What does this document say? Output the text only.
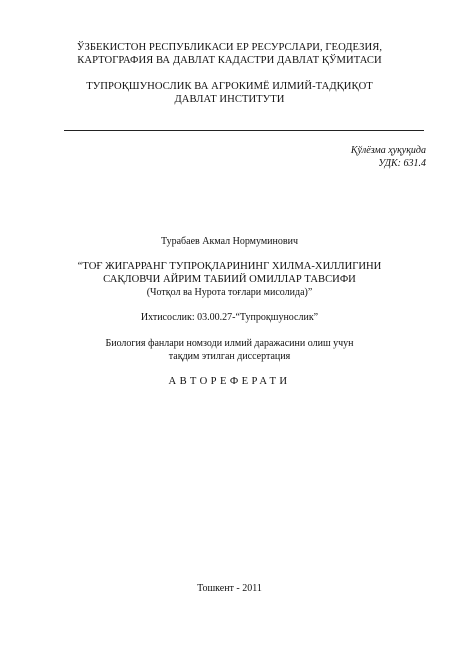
ЎЗБЕКИСТОН РЕСПУБЛИКАСИ ЕР РЕСУРСЛАРИ, ГЕОДЕЗИЯ,
КАРТОГРАФИЯ ВА ДАВЛАТ КАДАСТРИ ДАВЛАТ ҚЎМИТАСИ
ТУПРОҚШУНОСЛИК ВА АГРОКИМЁ ИЛМИЙ-ТАДҚИҚОТ
ДАВЛАТ ИНСТИТУТИ
Қўлёзма ҳуқуқида
УДК: 631.4
Турабаев Акмал Нормуминович
“ТОҒ ЖИГАРРАНГ ТУПРОҚЛАРИНИНГ ХИЛМА-ХИЛЛИГИНИ
САҚЛОВЧИ АЙРИМ ТАБИИЙ ОМИЛЛАР ТАВСИФИ
(Чотқол ва Нурота тоғлари мисолида)”
Ихтисослик: 03.00.27-“Тупроқшунослик”
Биология фанлари номзоди илмий даражасини олиш учун
тақдим этилган диссертация
АВТОРЕФЕРАТИ
Тошкент - 2011
